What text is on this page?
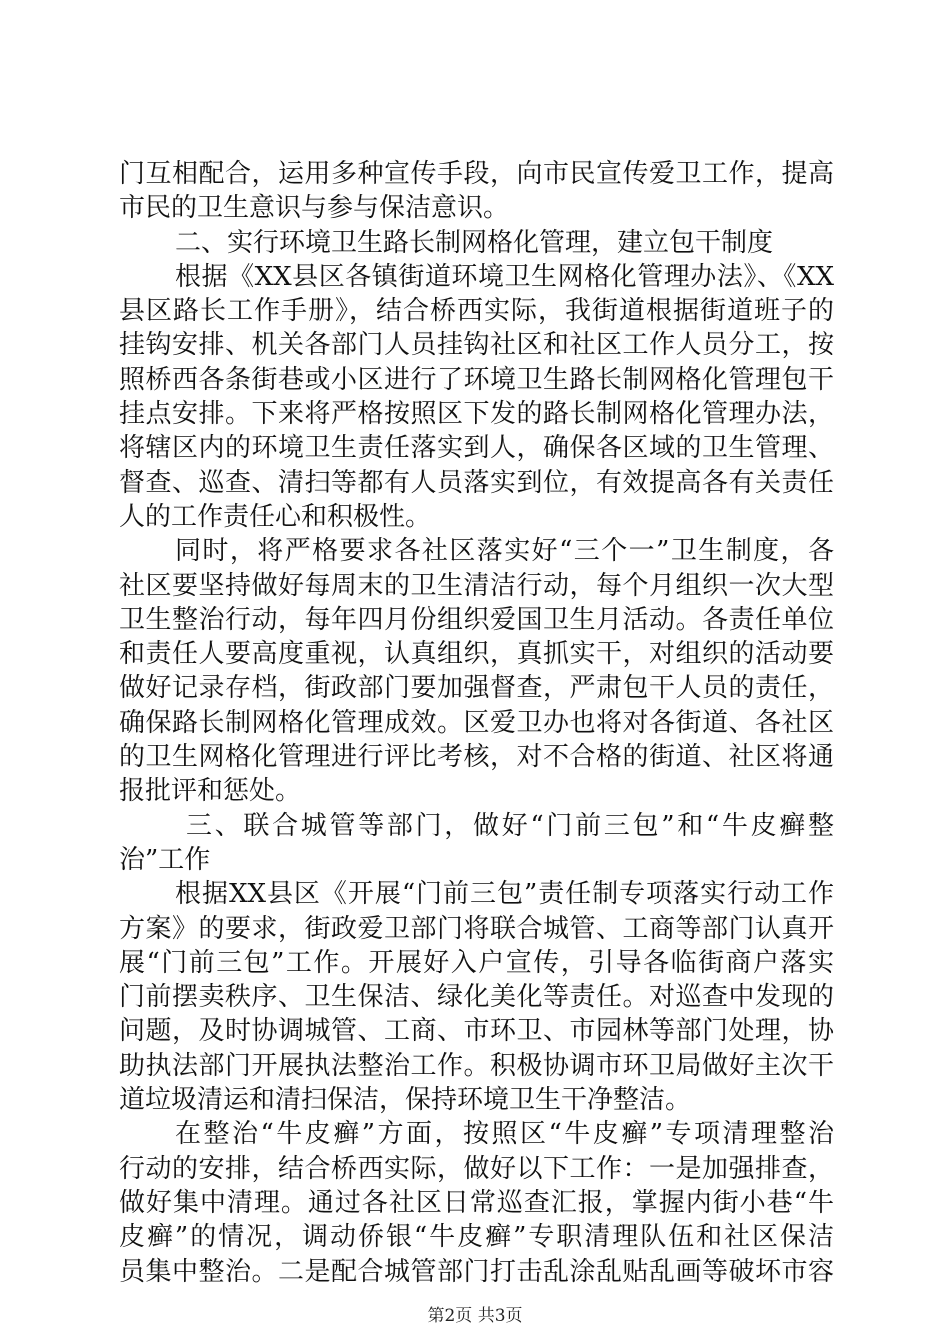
门互相配合，运用多种宣传手段，向市民宣传爱卫工作，提高
市民的卫生意识与参与保洁意识。
二、实行环境卫生路长制网格化管理，建立包干制度
根据《XX县区各镇街道环境卫生网格化管理办法》、《XX
县区路长工作手册》，结合桥西实际，我街道根据街道班子的
挂钩安排、机关各部门人员挂钩社区和社区工作人员分工，按
照桥西各条街巷或小区进行了环境卫生路长制网格化管理包干
挂点安排。下来将严格按照区下发的路长制网格化管理办法，
将辖区内的环境卫生责任落实到人，确保各区域的卫生管理、
督查、巡查、清扫等都有人员落实到位，有效提高各有关责任
人的工作责任心和积极性。
同时，将严格要求各社区落实好“三个一”卫生制度，各
社区要坚持做好每周末的卫生清洁行动，每个月组织一次大型
卫生整治行动，每年四月份组织爱国卫生月活动。各责任单位
和责任人要高度重视，认真组织，真抓实干，对组织的活动要
做好记录存档，街政部门要加强督查，严肃包干人员的责任，
确保路长制网格化管理成效。区爱卫办也将对各街道、各社区
的卫生网格化管理进行评比考核，对不合格的街道、社区将通
报批评和惩处。
三、联合城管等部门，做好“门前三包”和“牛皮癣整
治”工作
根据XX县区《开展“门前三包”责任制专项落实行动工作
方案》的要求，街政爱卫部门将联合城管、工商等部门认真开
展“门前三包”工作。开展好入户宣传，引导各临街商户落实
门前摆卖秩序、卫生保洁、绿化美化等责任。对巡查中发现的
问题，及时协调城管、工商、市环卫、市园林等部门处理，协
助执法部门开展执法整治工作。积极协调市环卫局做好主次干
道垃圾清运和清扫保洁，保持环境卫生干净整洁。
在整治“牛皮癣”方面，按照区“牛皮癣”专项清理整治
行动的安排，结合桥西实际，做好以下工作：一是加强排查，
做好集中清理。通过各社区日常巡查汇报，掌握内街小巷“牛
皮癣”的情况，调动侨银“牛皮癣”专职清理队伍和社区保洁
员集中整治。二是配合城管部门打击乱涂乱贴乱画等破坏市容
第2页 共3页
